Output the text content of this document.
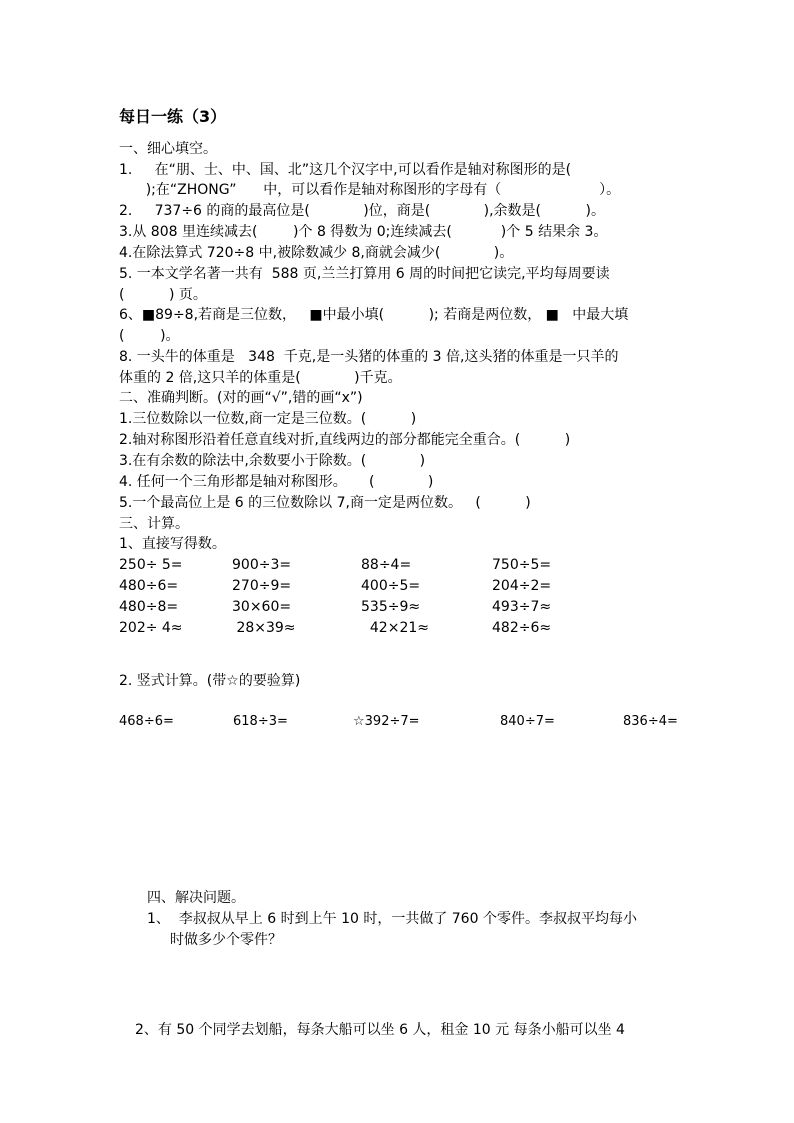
每日一练（3）
一、细心填空。
1.     在“朋、士、中、国、北”这几个汉字中,可以看作是轴对称图形的是(
);在“ZHONG”      中，可以看作是轴对称图形的字母有（                      ）。
2.     737÷6 的商的最高位是(            )位，商是(            ),余数是(          )。
3.从 808 里连续减去(        )个 8 得数为 0;连续减去(           )个 5 结果余 3。
4.在除法算式 720÷8 中,被除数减少 8,商就会减少(            )。
5. 一本文学名著一共有  588 页,兰兰打算用 6 周的时间把它读完,平均每周要读
(          ) 页。
6、■89÷8,若商是三位数，   ■中最小填(          ); 若商是两位数， ■   中最大填
(        )。
8. 一头牛的体重是   348  千克,是一头猪的体重的 3 倍,这头猪的体重是一只羊的
体重的 2 倍,这只羊的体重是(            )千克。
二、准确判断。(对的画“√”,错的画“x”)
1.三位数除以一位数,商一定是三位数。(          )
2.轴对称图形沿着任意直线对折,直线两边的部分都能完全重合。(          )
3.在有余数的除法中,余数要小于除数。(            )
4. 任何一个三角形都是轴对称图形。     (            )
5.一个最高位上是 6 的三位数除以 7,商一定是两位数。   (          )
三、计算。
1、直接写得数。
250÷ 5=	900÷3=	88÷4=	750÷5=
480÷6=	270÷9=	400÷5=	204÷2=
480÷8=	30×60=	535÷9≈	493÷7≈
202÷ 4≈	28×39≈	42×21≈	482÷6≈
2. 竖式计算。(带☆的要验算)
468÷6=	618÷3=	☆392÷7=	840÷7=	836÷4=
四、解决问题。
1、  李叔叔从早上 6 时到上午 10 时，一共做了 760 个零件。李叔叔平均每小
时做多少个零件？
2、有 50 个同学去划船，每条大船可以坐 6 人，租金 10 元 每条小船可以坐 4
